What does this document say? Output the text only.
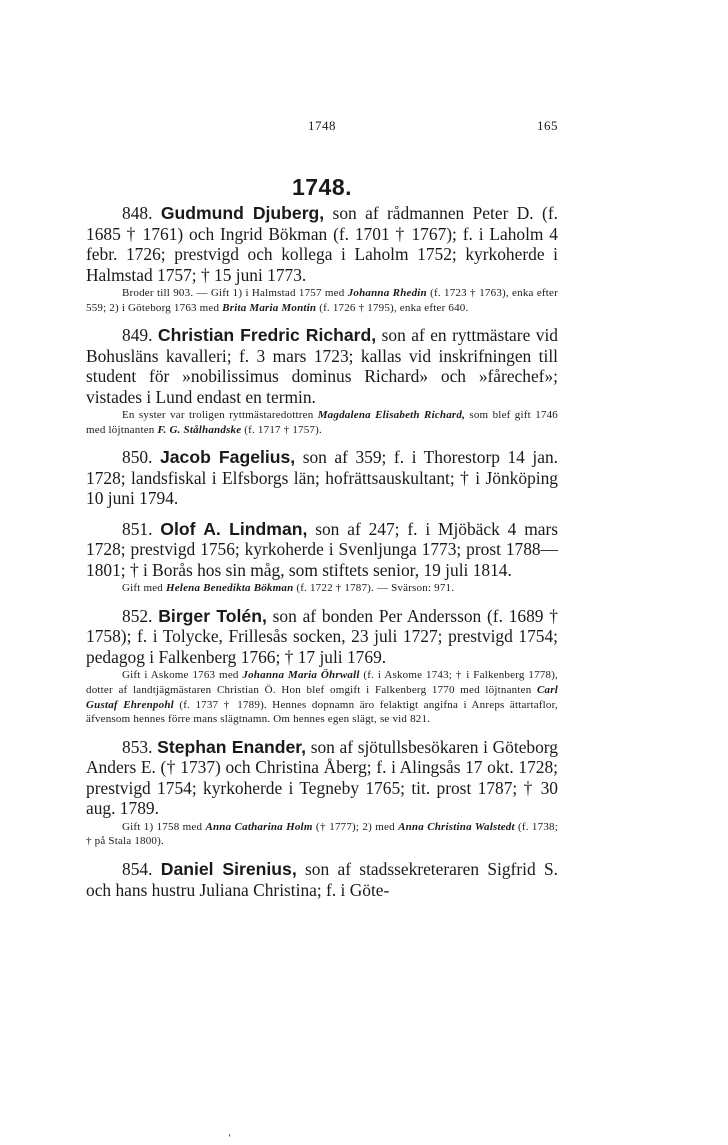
1748	165
1748.

848. Gudmund Djuberg, son af rådmannen Peter D. (f. 1685 † 1761) och Ingrid Bökman (f. 1701 † 1767); f. i Laholm 4 febr. 1726; prestvigd och kollega i Laholm 1752; kyrkoherde i Halmstad 1757; † 15 juni 1773.

Broder till 903. — Gift 1) i Halmstad 1757 med Johanna Rhedin (f. 1723 † 1763), enka efter 559; 2) i Göteborg 1763 med Brita Maria Montin (f. 1726 † 1795), enka efter 640.

849. Christian Fredric Richard, son af en ryttmästare vid Bohusläns kavalleri; f. 3 mars 1723; kallas vid inskrifningen till student för »nobilissimus dominus Richard» och »fårechef»; vistades i Lund endast en termin.

En syster var troligen ryttmästaredottren Magdalena Elisabeth Richard, som blef gift 1746 med löjtnanten F. G. Stålhandske (f. 1717 † 1757).

850. Jacob Fagelius, son af 359; f. i Thorestorp 14 jan. 1728; landsfiskal i Elfsborgs län; hofrättsauskultant; † i Jönköping 10 juni 1794.

851. Olof A. Lindman, son af 247; f. i Mjöbäck 4 mars 1728; prestvigd 1756; kyrkoherde i Svenljunga 1773; prost 1788—1801; † i Borås hos sin måg, som stiftets senior, 19 juli 1814.

Gift med Helena Benedikta Bökman (f. 1722 † 1787). — Svärson: 971.

852. Birger Tolén, son af bonden Per Andersson (f. 1689 † 1758); f. i Tolycke, Frillesås socken, 23 juli 1727; prestvigd 1754; pedagog i Falkenberg 1766; † 17 juli 1769.

Gift i Askome 1763 med Johanna Maria Öhrwall (f. i Askome 1743; † i Falkenberg 1778), dotter af landtjägmästaren Christian Ö. Hon blef omgift i Falkenberg 1770 med löjtnanten Carl Gustaf Ehrenpohl (f. 1737 † 1789). Hennes dopnamn äro felaktigt angifna i Anreps ättartaflor, äfvensom hennes förre mans slägtnamn. Om hennes egen slägt, se vid 821.

853. Stephan Enander, son af sjötullsbesökaren i Göteborg Anders E. († 1737) och Christina Åberg; f. i Alingsås 17 okt. 1728; prestvigd 1754; kyrkoherde i Tegneby 1765; tit. prost 1787; † 30 aug. 1789.

Gift 1) 1758 med Anna Catharina Holm († 1777); 2) med Anna Christina Walstedt (f. 1738; † på Stala 1800).

854. Daniel Sirenius, son af stadssekreteraren Sigfrid S. och hans hustru Juliana Christina; f. i Göte-

‘
